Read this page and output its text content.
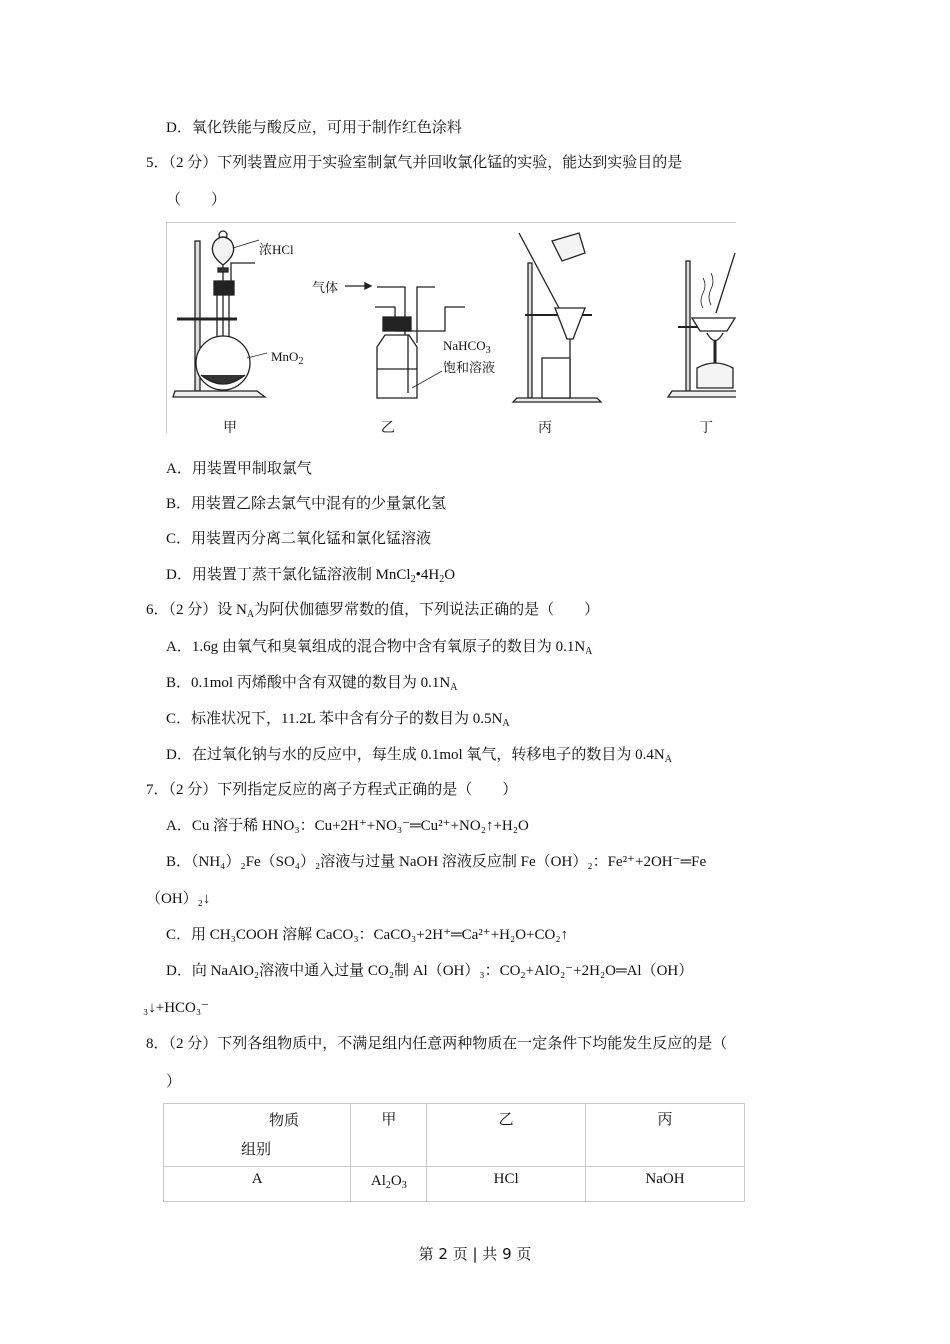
D．氧化铁能与酸反应，可用于制作红色涂料
5．（2 分）下列装置应用于实验室制氯气并回收氯化锰的实验，能达到实验目的是
（　　）
浓HCl
MnO$_2$
气体
NaHCO$_3$
饱和溶液
甲	乙	丙	丁
A．用装置甲制取氯气
B．用装置乙除去氯气中混有的少量氯化氢
C．用装置丙分离二氧化锰和氯化锰溶液
D．用装置丁蒸干氯化锰溶液制 $MnCl_2•4H_2O$
6．（2 分）设 $N_A$为阿伏伽德罗常数的值，下列说法正确的是（　　）
A．1.6g 由氧气和臭氧组成的混合物中含有氧原子的数目为 $0.1N_A$
B．0.1mol 丙烯酸中含有双键的数目为 $0.1N_A$
C．标准状况下，11.2L 苯中含有分子的数目为 $0.5N_A$
D．在过氧化钠与水的反应中，每生成 0.1mol 氧气，转移电子的数目为 $0.4N_A$
7．（2 分）下列指定反应的离子方程式正确的是（　　）
A．Cu 溶于稀 HNO₃：Cu+2H⁺+NO₃⁻═Cu²⁺+NO₂↑+H₂O
B．（NH₄）₂Fe（SO₄）₂溶液与过量 NaOH 溶液反应制 Fe（OH）₂：Fe²⁺+2OH⁻═Fe
（OH）₂↓
C．用 CH₃COOH 溶解 CaCO₃：CaCO₃+2H⁺═Ca²⁺+H₂O+CO₂↑
D．向 NaAlO₂溶液中通入过量 CO₂制 Al（OH）₃：CO₂+AlO₂⁻+2H₂O═Al（OH）
₃↓+HCO₃⁻
8．（2 分）下列各组物质中，不满足组内任意两种物质在一定条件下均能发生反应的是（
）
物质
组别	甲	乙	丙
A	$Al_2O_3$	HCl	NaOH
第 2 页 | 共 9 页
